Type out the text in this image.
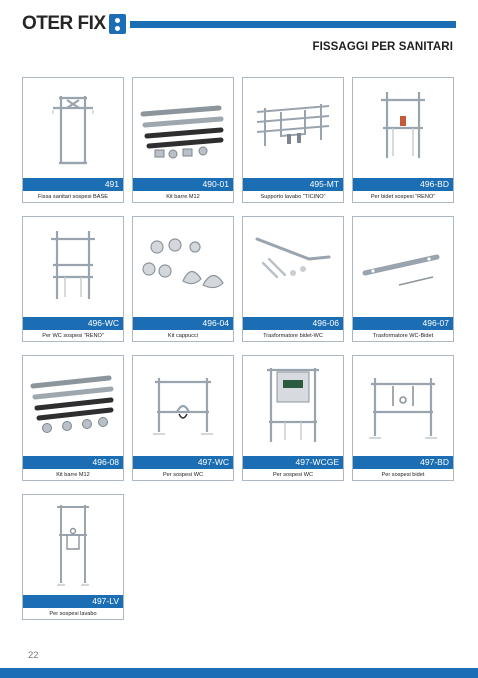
OTER FIX
FISSAGGI PER SANITARI
491
Fissa sanitari sospesi BASE
490-01
Kit barre M12
495-MT
Supporto lavabo “TICINO”
496-BD
Per bidet sospesi “RENO”
496-WC
Per WC sospesi “RENO”
496-04
Kit cappucci
496-06
Trasformatore bidet-WC
496-07
Trasformatore WC-Bidet
496-08
Kit barre M12
497-WC
Per sospesi WC
497-WCGE
Per sospesi WC
497-BD
Per sospesi bidet
497-LV
Per sospesi lavabo
22
